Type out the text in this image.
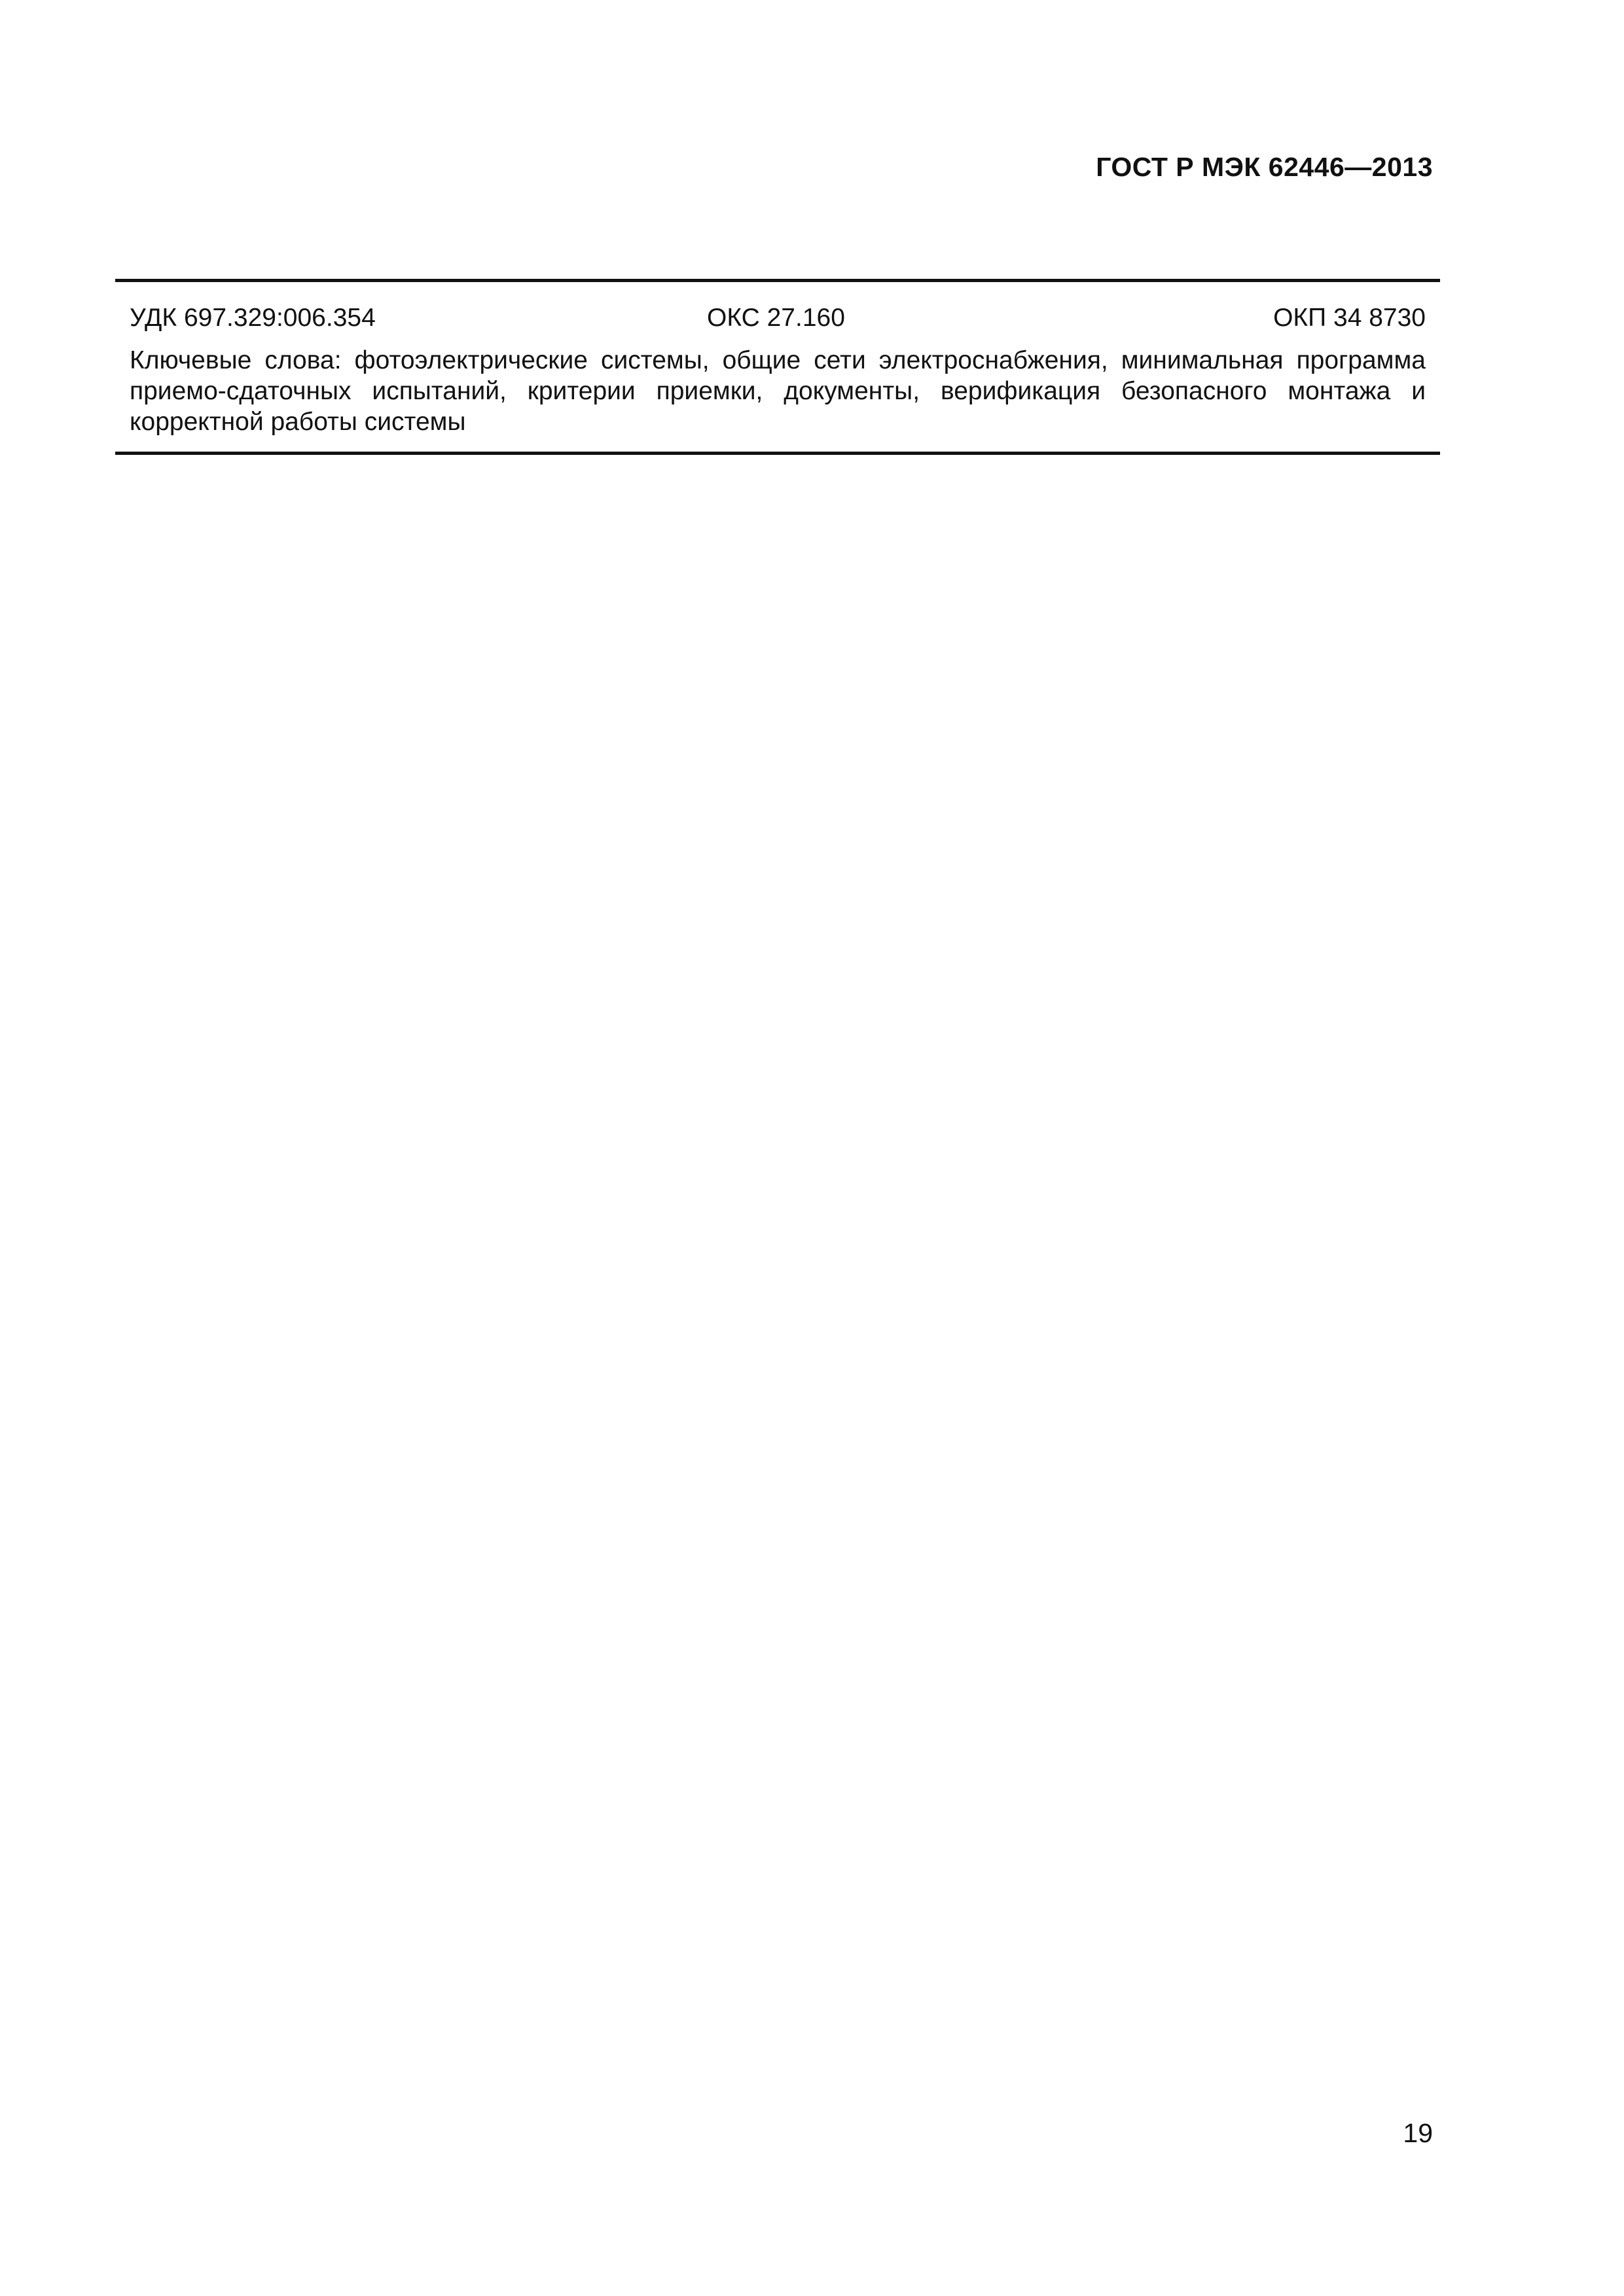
ГОСТ Р МЭК 62446—2013
УДК 697.329:006.354	ОКС 27.160	ОКП 34 8730
Ключевые слова: фотоэлектрические системы, общие сети электроснабжения, минимальная программа приемо-сдаточных испытаний, критерии приемки, документы, верификация безопасного монтажа и корректной работы системы
19
